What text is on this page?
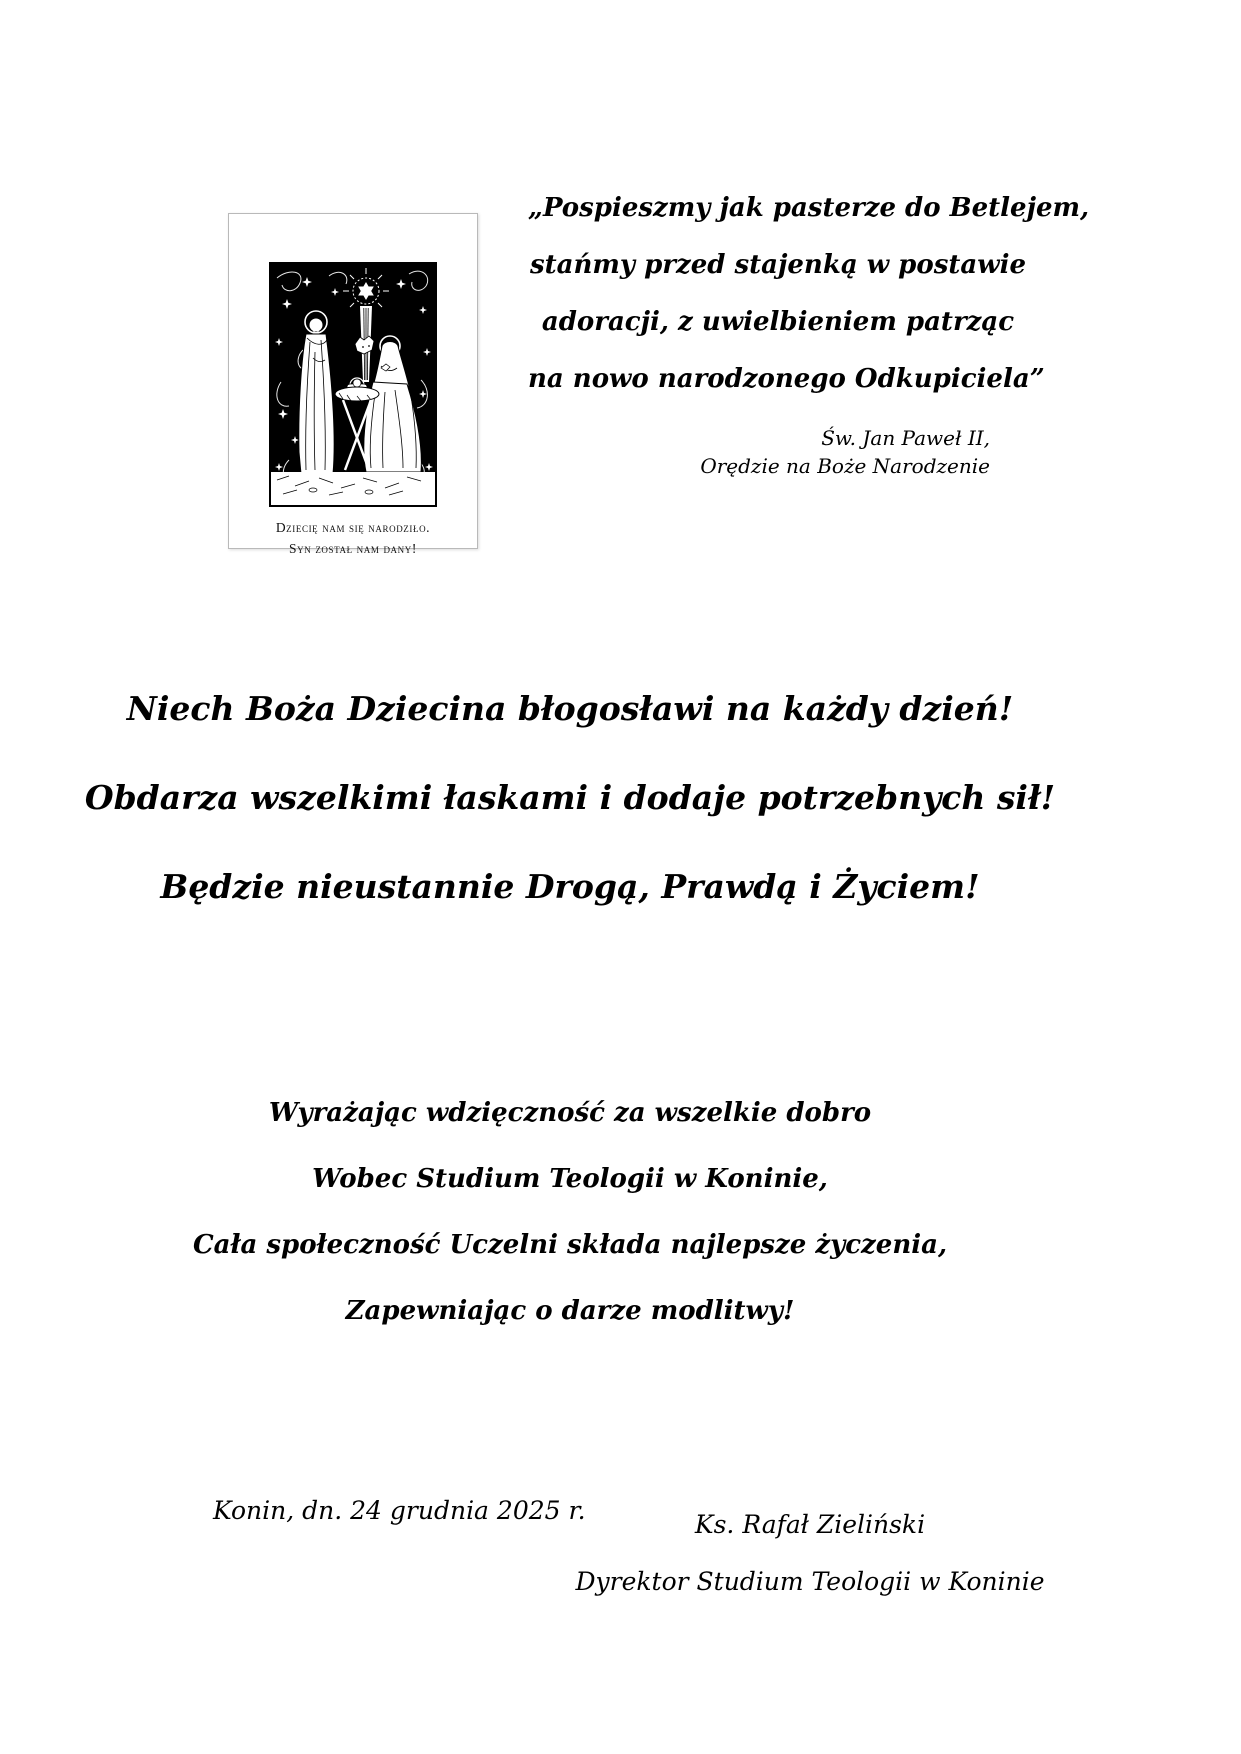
Dziecię nam się narodziło.
Syn został nam dany!
„Pospieszmy jak pasterze do Betlejem,
stańmy przed stajenką w postawie
adoracji, z uwielbieniem patrząc
na nowo narodzonego Odkupiciela”
Św. Jan Paweł II,
Orędzie na Boże Narodzenie
Niech Boża Dziecina błogosławi na każdy dzień!
Obdarza wszelkimi łaskami i dodaje potrzebnych sił!
Będzie nieustannie Drogą, Prawdą i Życiem!
Wyrażając wdzięczność za wszelkie dobro
Wobec Studium Teologii w Koninie,
Cała społeczność Uczelni składa najlepsze życzenia,
Zapewniając o darze modlitwy!
Konin, dn. 24 grudnia 2025 r.	Ks. Rafał Zieliński
Dyrektor Studium Teologii w Koninie
